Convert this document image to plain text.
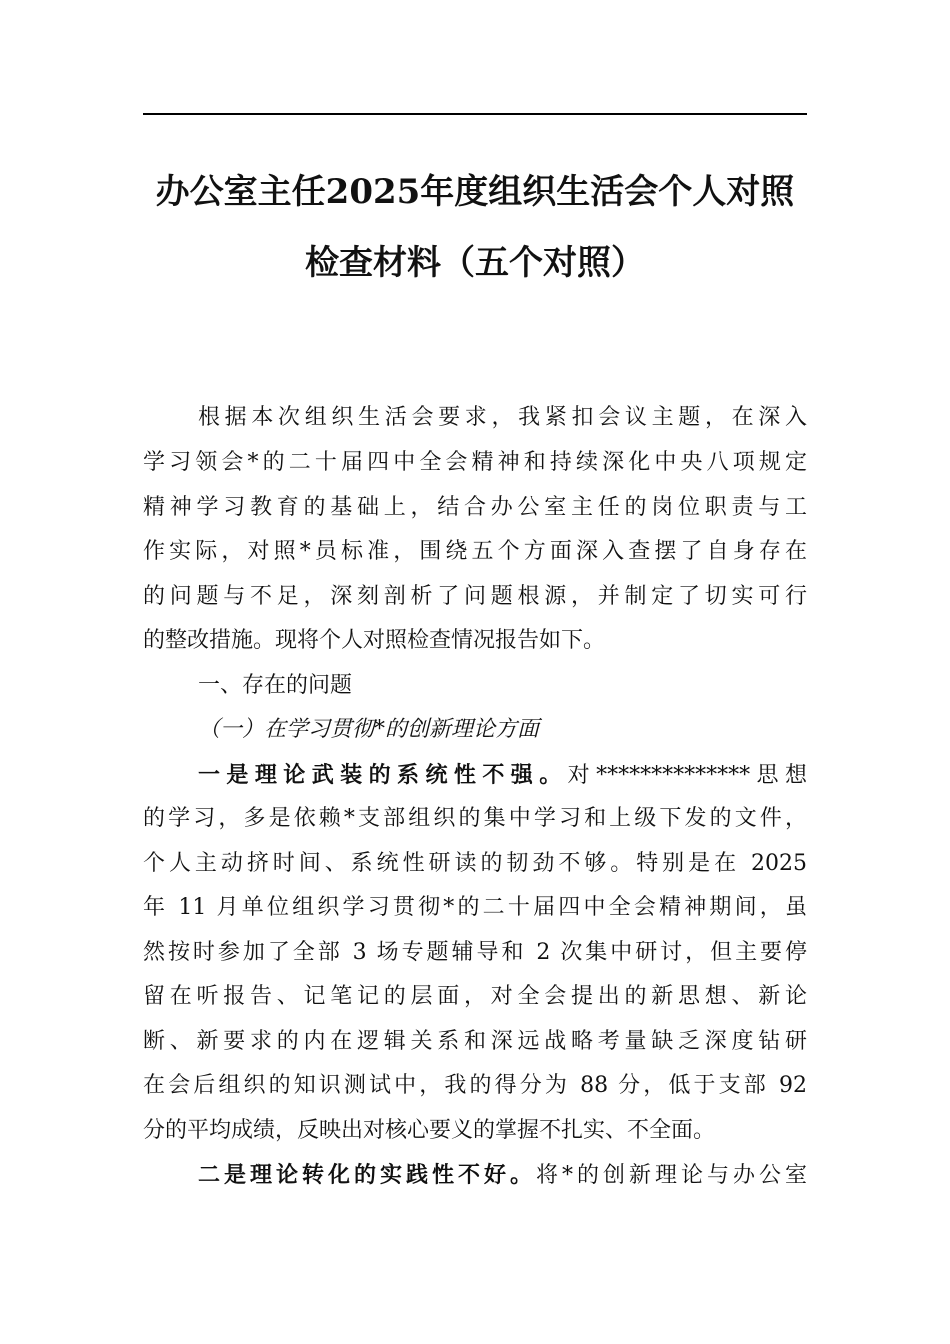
办公室主任2025年度组织生活会个人对照
检查材料（五个对照）
根据本次组织生活会要求，我紧扣会议主题，在深入
学习领会*的二十届四中全会精神和持续深化中央八项规定
精神学习教育的基础上，结合办公室主任的岗位职责与工
作实际，对照*员标准，围绕五个方面深入查摆了自身存在
的问题与不足，深刻剖析了问题根源，并制定了切实可行
的整改措施。现将个人对照检查情况报告如下。
一、存在的问题
（一）在学习贯彻*的创新理论方面
一是理论武装的系统性不强。对**************思想
的学习，多是依赖*支部组织的集中学习和上级下发的文件，
个人主动挤时间、系统性研读的韧劲不够。特别是在 2025
年 11 月单位组织学习贯彻*的二十届四中全会精神期间，虽
然按时参加了全部 3 场专题辅导和 2 次集中研讨，但主要停
留在听报告、记笔记的层面，对全会提出的新思想、新论
断、新要求的内在逻辑关系和深远战略考量缺乏深度钻研
在会后组织的知识测试中，我的得分为 88 分，低于支部 92
分的平均成绩，反映出对核心要义的掌握不扎实、不全面。
二是理论转化的实践性不好。将*的创新理论与办公室
